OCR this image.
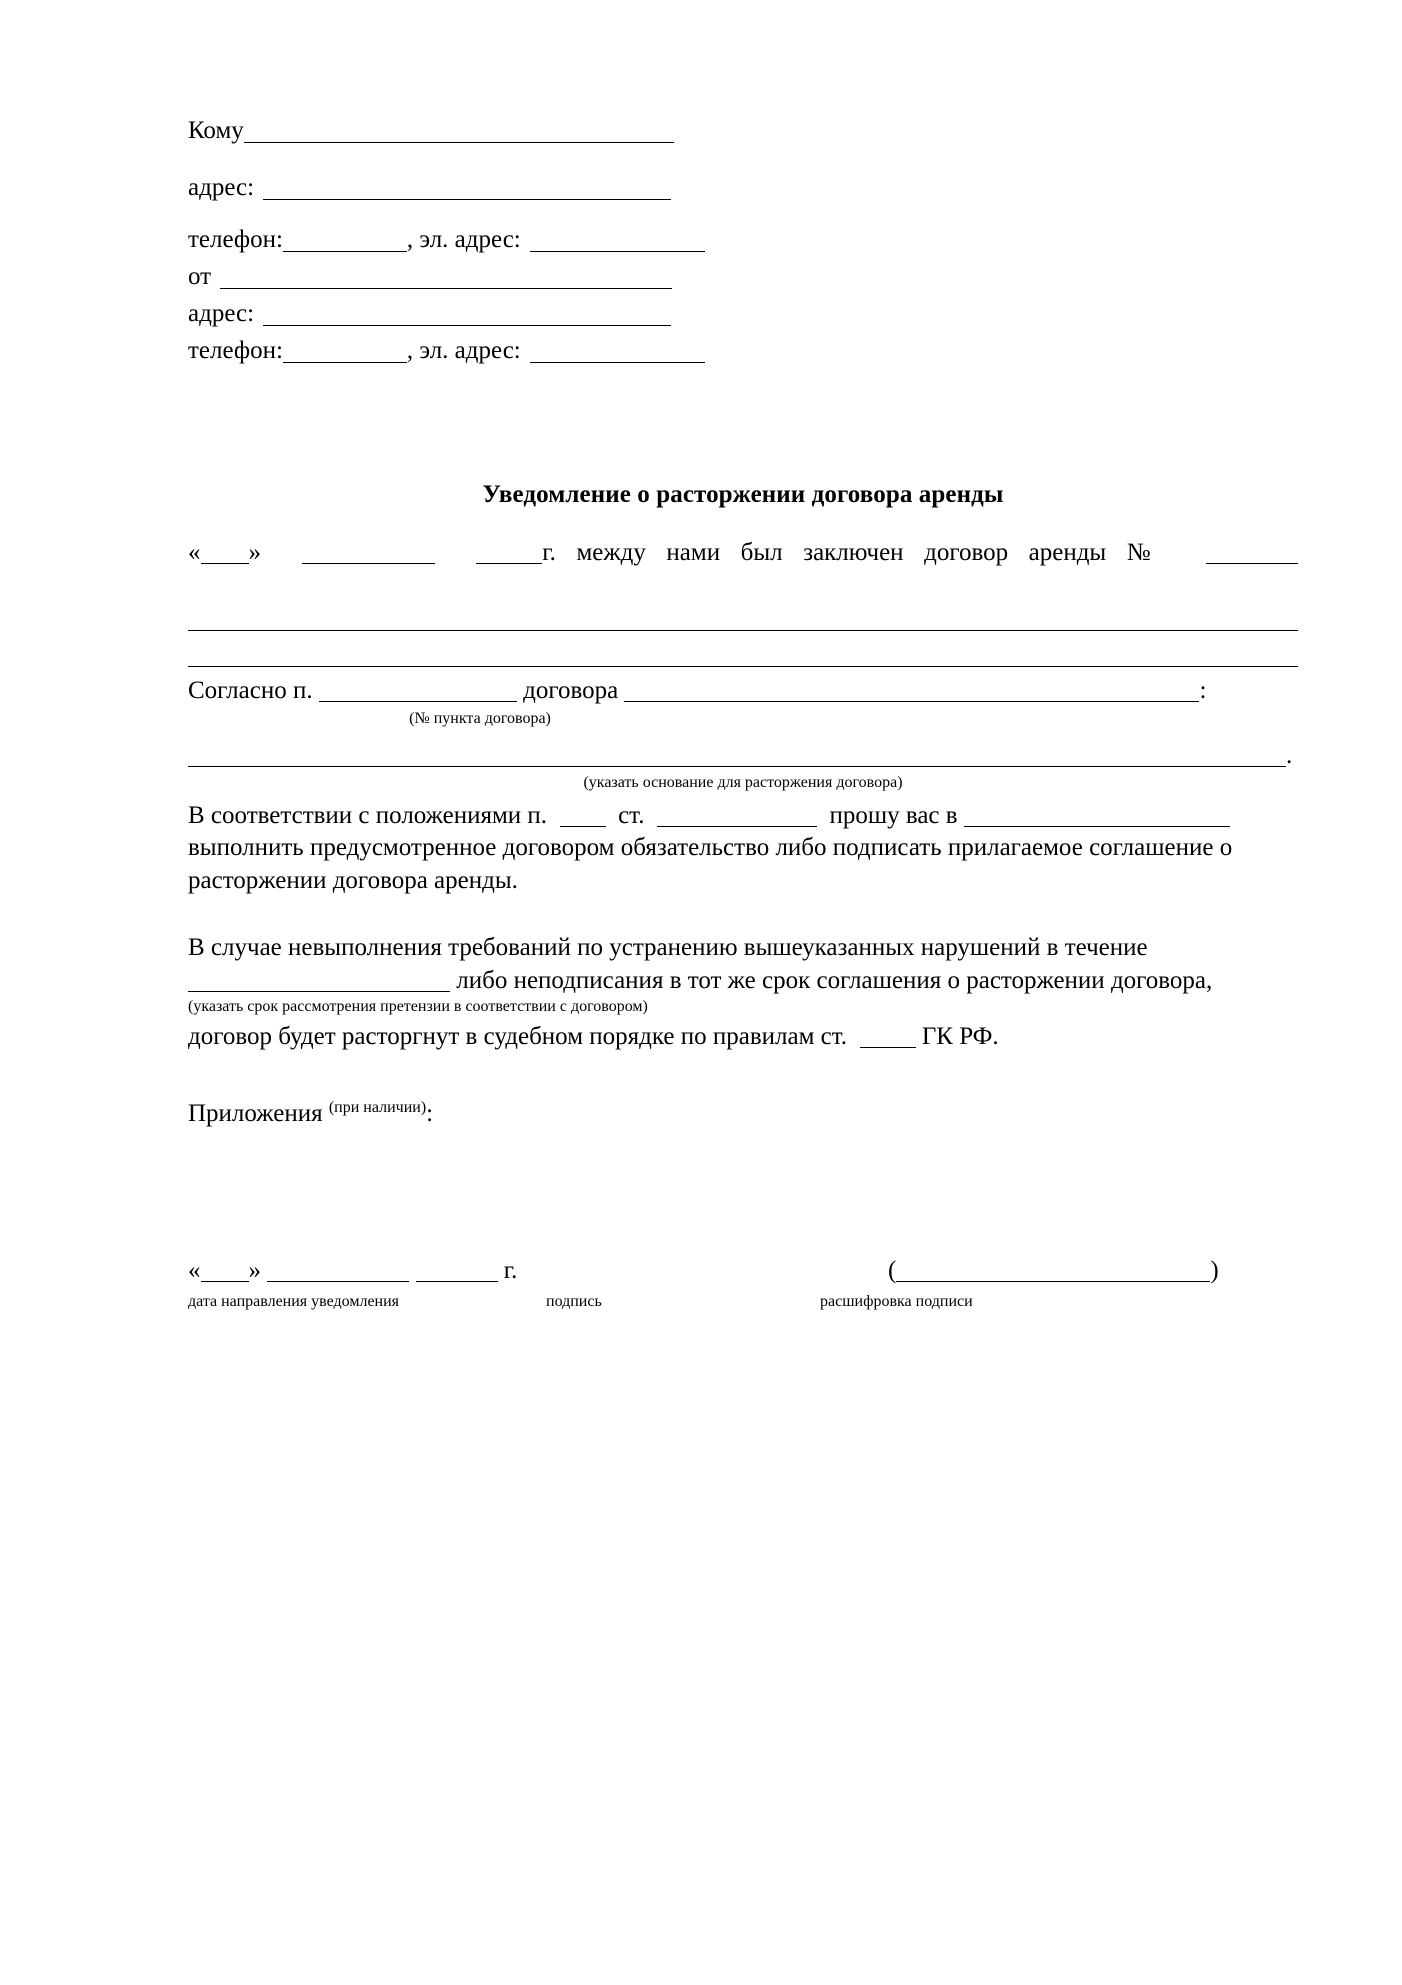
Кому
адрес:
телефон:	, эл. адрес:
от
адрес:
телефон:	, эл. адрес:
Уведомление о расторжении договора аренды
« »	г. между нами был заключен договор аренды №
Согласно п.	договора	:
(№ пункта договора)
.
(указать основание для расторжения договора)
В соответствии с положениями п.	ст.	прошу вас в
выполнить предусмотренное договором обязательство либо подписать прилагаемое соглашение о
расторжении договора аренды.
В случае невыполнения требований по устранению вышеуказанных нарушений в течение
либо неподписания в тот же срок соглашения о расторжении договора,
(указать срок рассмотрения претензии в соответствии с договором)
договор будет расторгнут в судебном порядке по правилам ст.	ГК РФ.
Приложения $^{(при наличии)}$:
« »	г.	(	)
дата направления уведомления	подпись	расшифровка подписи
